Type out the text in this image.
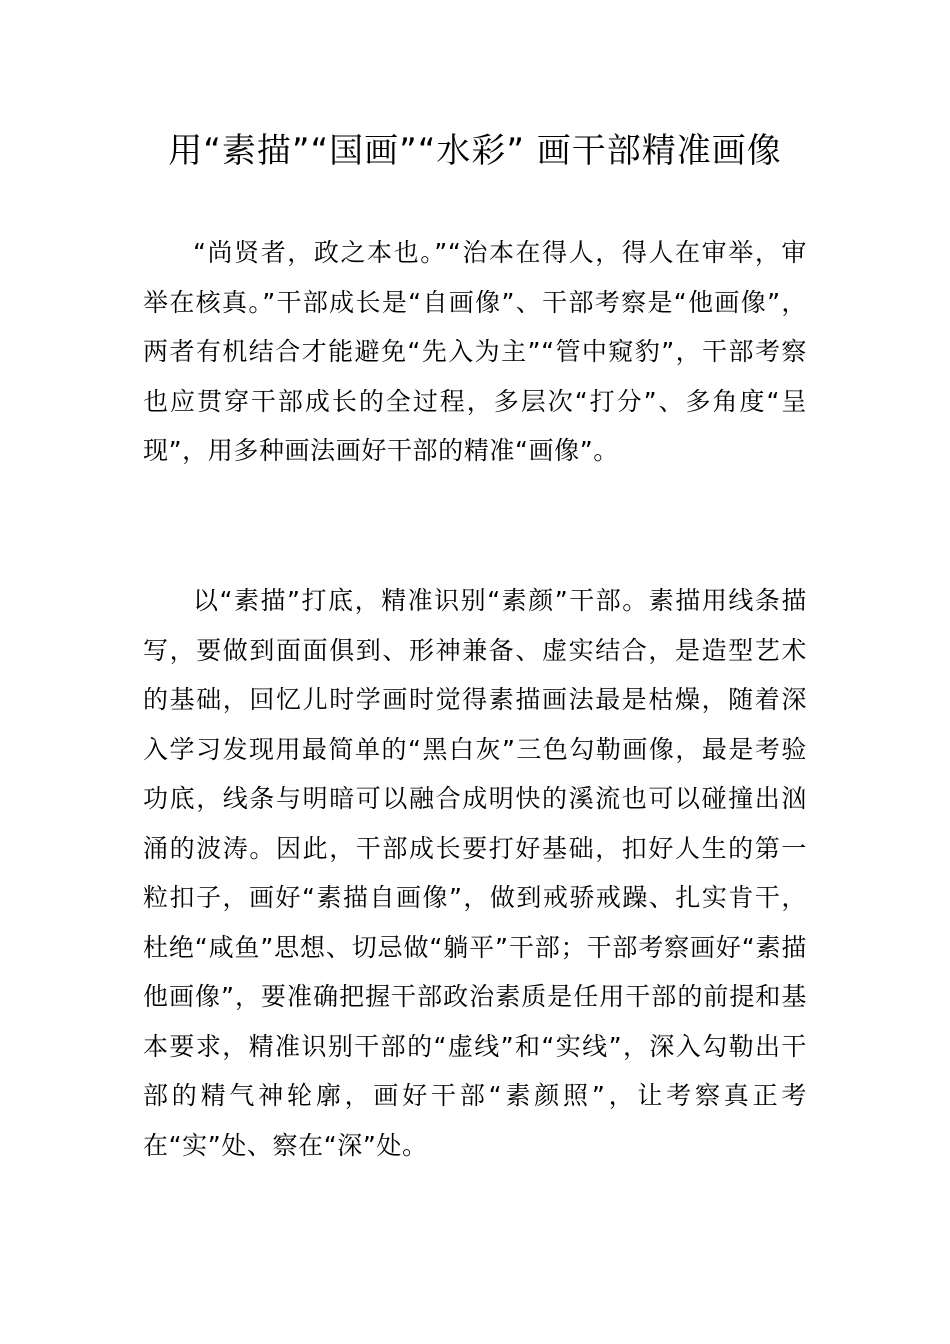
用“素描”“国画”“水彩” 画干部精准画像

“尚贤者，政之本也。”“治本在得人，得人在审举，审举在核真。”干部成长是“自画像”、干部考察是“他画像”，两者有机结合才能避免“先入为主”“管中窥豹”，干部考察也应贯穿干部成长的全过程，多层次“打分”、多角度“呈现”，用多种画法画好干部的精准“画像”。

以“素描”打底，精准识别“素颜”干部。素描用线条描写，要做到面面俱到、形神兼备、虚实结合，是造型艺术的基础，回忆儿时学画时觉得素描画法最是枯燥，随着深入学习发现用最简单的“黑白灰”三色勾勒画像，最是考验功底，线条与明暗可以融合成明快的溪流也可以碰撞出汹涌的波涛。因此，干部成长要打好基础，扣好人生的第一粒扣子，画好“素描自画像”，做到戒骄戒躁、扎实肯干，杜绝“咸鱼”思想、切忌做“躺平”干部；干部考察画好“素描他画像”，要准确把握干部政治素质是任用干部的前提和基本要求，精准识别干部的“虚线”和“实线”，深入勾勒出干部的精气神轮廓，画好干部“素颜照”，让考察真正考在“实”处、察在“深”处。
